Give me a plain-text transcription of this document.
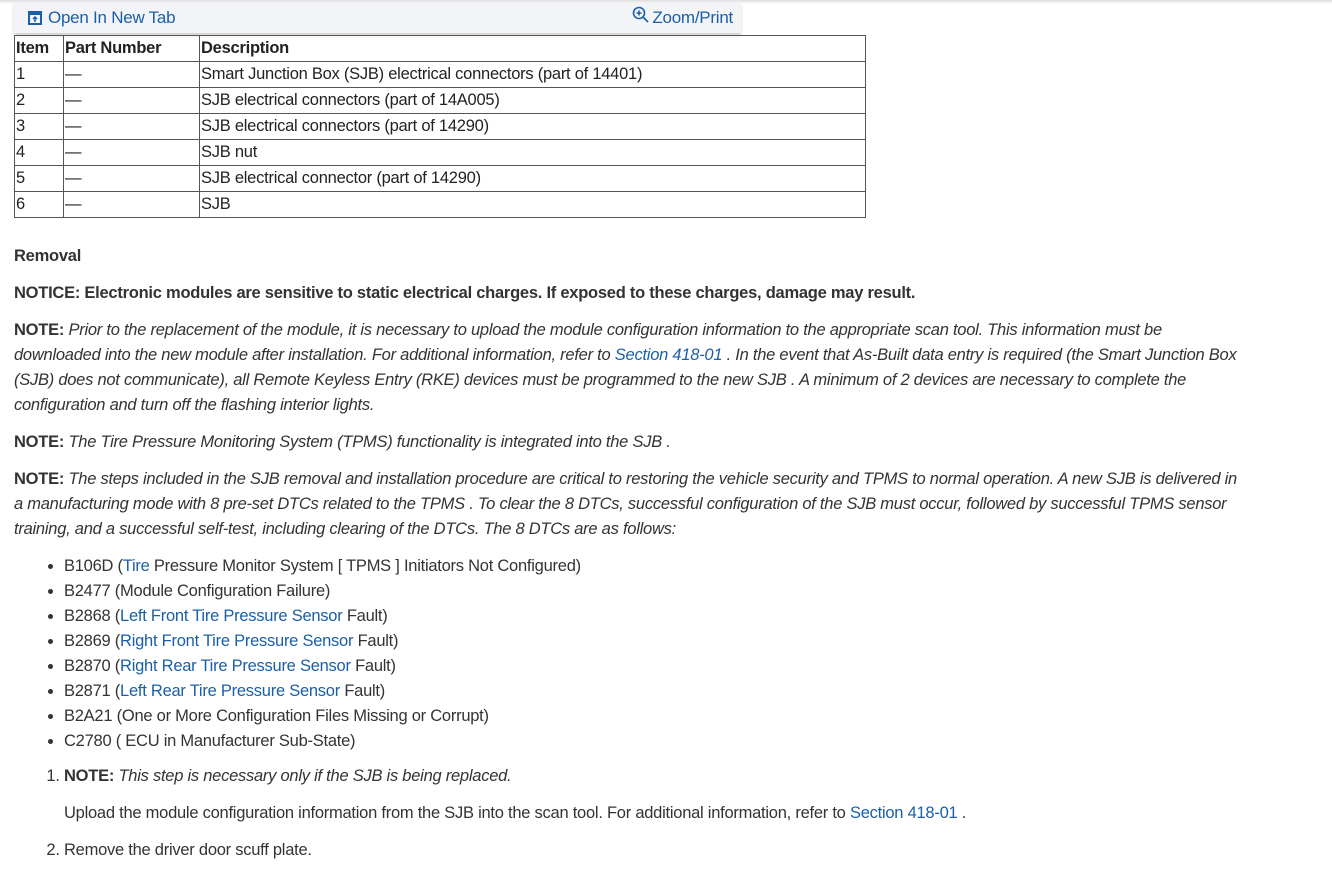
Open In New Tab	Zoom/Print
Item	Part Number	Description
1	—	Smart Junction Box (SJB) electrical connectors (part of 14401)
2	—	SJB electrical connectors (part of 14A005)
3	—	SJB electrical connectors (part of 14290)
4	—	SJB nut
5	—	SJB electrical connector (part of 14290)
6	—	SJB

Removal

NOTICE: Electronic modules are sensitive to static electrical charges. If exposed to these charges, damage may result.

NOTE: Prior to the replacement of the module, it is necessary to upload the module configuration information to the appropriate scan tool. This information must be downloaded into the new module after installation. For additional information, refer to Section 418-01 . In the event that As-Built data entry is required (the Smart Junction Box (SJB) does not communicate), all Remote Keyless Entry (RKE) devices must be programmed to the new SJB . A minimum of 2 devices are necessary to complete the configuration and turn off the flashing interior lights.

NOTE: The Tire Pressure Monitoring System (TPMS) functionality is integrated into the SJB .

NOTE: The steps included in the SJB removal and installation procedure are critical to restoring the vehicle security and TPMS to normal operation. A new SJB is delivered in a manufacturing mode with 8 pre-set DTCs related to the TPMS . To clear the 8 DTCs, successful configuration of the SJB must occur, followed by successful TPMS sensor training, and a successful self-test, including clearing of the DTCs. The 8 DTCs are as follows:

• B106D (Tire Pressure Monitor System [ TPMS ] Initiators Not Configured)
• B2477 (Module Configuration Failure)
• B2868 (Left Front Tire Pressure Sensor Fault)
• B2869 (Right Front Tire Pressure Sensor Fault)
• B2870 (Right Rear Tire Pressure Sensor Fault)
• B2871 (Left Rear Tire Pressure Sensor Fault)
• B2A21 (One or More Configuration Files Missing or Corrupt)
• C2780 ( ECU in Manufacturer Sub-State)
1. NOTE: This step is necessary only if the SJB is being replaced.

Upload the module configuration information from the SJB into the scan tool. For additional information, refer to Section 418-01 .

2. Remove the driver door scuff plate.
